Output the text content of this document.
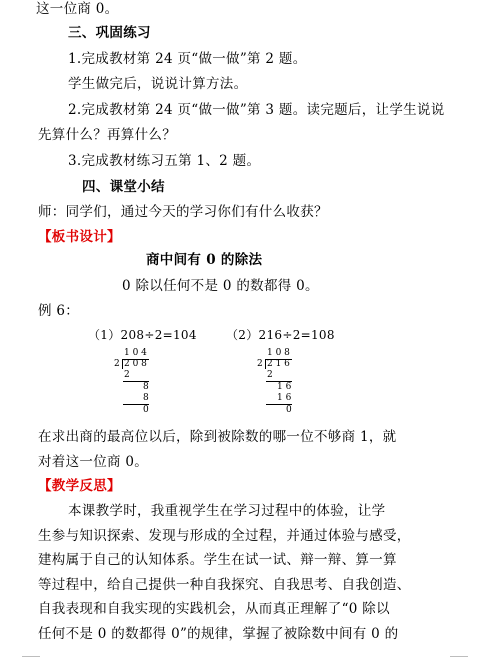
这一位商 0。
三、巩固练习
1.完成教材第 24 页“做一做”第 2 题。
学生做完后，说说计算方法。
2.完成教材第 24 页“做一做”第 3 题。读完题后，让学生说说
先算什么？再算什么？
3.完成教材练习五第 1、2 题。
四、课堂小结
师：同学们，通过今天的学习你们有什么收获？
【板书设计】
商中间有 0 的除法
0 除以任何不是 0 的数都得 0。
例 6：
（1）208÷2=104 （2）216÷2=108
1 0 4
2 2 0 8
2
8
8
0
1 0 8
2 2 1 6
2
1 6
1 6
0
在求出商的最高位以后，除到被除数的哪一位不够商 1，就
对着这一位商 0。
【教学反思】
本课教学时，我重视学生在学习过程中的体验，让学
生参与知识探索、发现与形成的全过程，并通过体验与感受，
建构属于自己的认知体系。学生在试一试、辩一辩、算一算
等过程中，给自己提供一种自我探究、自我思考、自我创造、
自我表现和自我实现的实践机会，从而真正理解了“0 除以
任何不是 0 的数都得 0”的规律，掌握了被除数中间有 0 的
